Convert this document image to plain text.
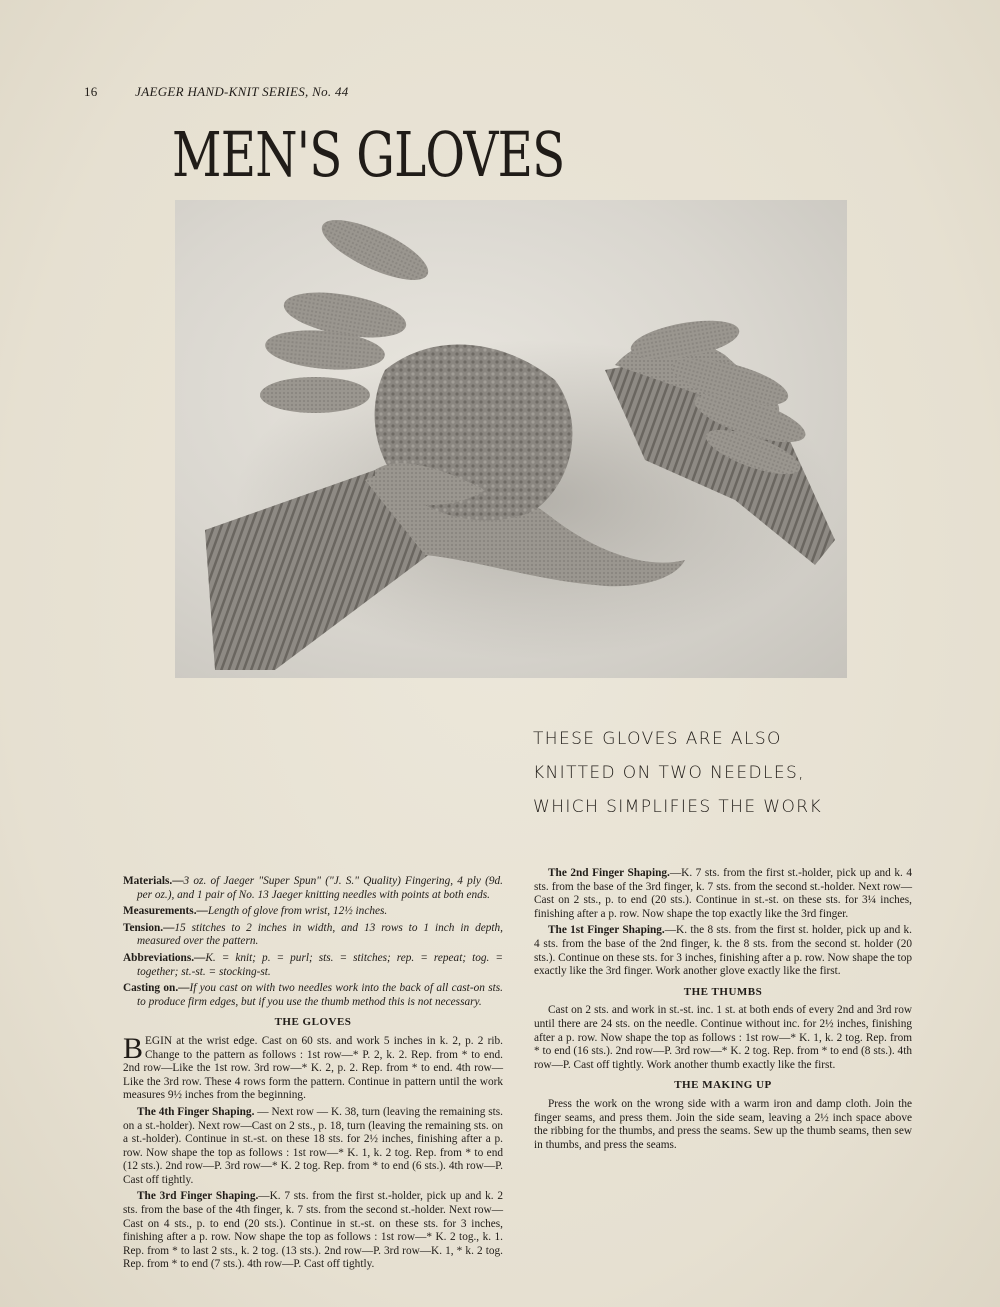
16	JAEGER HAND-KNIT SERIES, No. 44
MEN'S GLOVES
THESE GLOVES ARE ALSO
KNITTED ON TWO NEEDLES,
WHICH SIMPLIFIES THE WORK

Materials.—3 oz. of Jaeger "Super Spun" ("J. S." Quality) Fingering, 4 ply (9d. per oz.), and 1 pair of No. 13 Jaeger knitting needles with points at both ends.

Measurements.—Length of glove from wrist, 12½ inches.

Tension.—15 stitches to 2 inches in width, and 13 rows to 1 inch in depth, measured over the pattern.

Abbreviations.—K. = knit; p. = purl; sts. = stitches; rep. = repeat; tog. = together; st.-st. = stocking-st.

Casting on.—If you cast on with two needles work into the back of all cast-on sts. to produce firm edges, but if you use the thumb method this is not necessary.

THE GLOVES

BEGIN at the wrist edge. Cast on 60 sts. and work 5 inches in k. 2, p. 2 rib. Change to the pattern as follows : 1st row—* P. 2, k. 2. Rep. from * to end. 2nd row—Like the 1st row. 3rd row—* K. 2, p. 2. Rep. from * to end. 4th row—Like the 3rd row. These 4 rows form the pattern. Continue in pattern until the work measures 9½ inches from the beginning.

The 4th Finger Shaping. — Next row — K. 38, turn (leaving the remaining sts. on a st.-holder). Next row—Cast on 2 sts., p. 18, turn (leaving the remaining sts. on a st.-holder). Continue in st.-st. on these 18 sts. for 2½ inches, finishing after a p. row. Now shape the top as follows : 1st row—* K. 1, k. 2 tog. Rep. from * to end (12 sts.). 2nd row—P. 3rd row—* K. 2 tog. Rep. from * to end (6 sts.). 4th row—P. Cast off tightly.

The 3rd Finger Shaping.—K. 7 sts. from the first st.-holder, pick up and k. 2 sts. from the base of the 4th finger, k. 7 sts. from the second st.-holder. Next row—Cast on 4 sts., p. to end (20 sts.). Continue in st.-st. on these sts. for 3 inches, finishing after a p. row. Now shape the top as follows : 1st row—* K. 2 tog., k. 1. Rep. from * to last 2 sts., k. 2 tog. (13 sts.). 2nd row—P. 3rd row—K. 1, * k. 2 tog. Rep. from * to end (7 sts.). 4th row—P. Cast off tightly.

The 2nd Finger Shaping.—K. 7 sts. from the first st.-holder, pick up and k. 4 sts. from the base of the 3rd finger, k. 7 sts. from the second st.-holder. Next row—Cast on 2 sts., p. to end (20 sts.). Continue in st.-st. on these sts. for 3¼ inches, finishing after a p. row. Now shape the top exactly like the 3rd finger.

The 1st Finger Shaping.—K. the 8 sts. from the first st. holder, pick up and k. 4 sts. from the base of the 2nd finger, k. the 8 sts. from the second st. holder (20 sts.). Continue on these sts. for 3 inches, finishing after a p. row. Now shape the top exactly like the 3rd finger. Work another glove exactly like the first.

THE THUMBS

Cast on 2 sts. and work in st.-st. inc. 1 st. at both ends of every 2nd and 3rd row until there are 24 sts. on the needle. Continue without inc. for 2½ inches, finishing after a p. row. Now shape the top as follows : 1st row—* K. 1, k. 2 tog. Rep. from * to end (16 sts.). 2nd row—P. 3rd row—* K. 2 tog. Rep. from * to end (8 sts.). 4th row—P. Cast off tightly. Work another thumb exactly like the first.

THE MAKING UP

Press the work on the wrong side with a warm iron and damp cloth. Join the finger seams, and press them. Join the side seam, leaving a 2½ inch space above the ribbing for the thumbs, and press the seams. Sew up the thumb seams, then sew in thumbs, and press the seams.
